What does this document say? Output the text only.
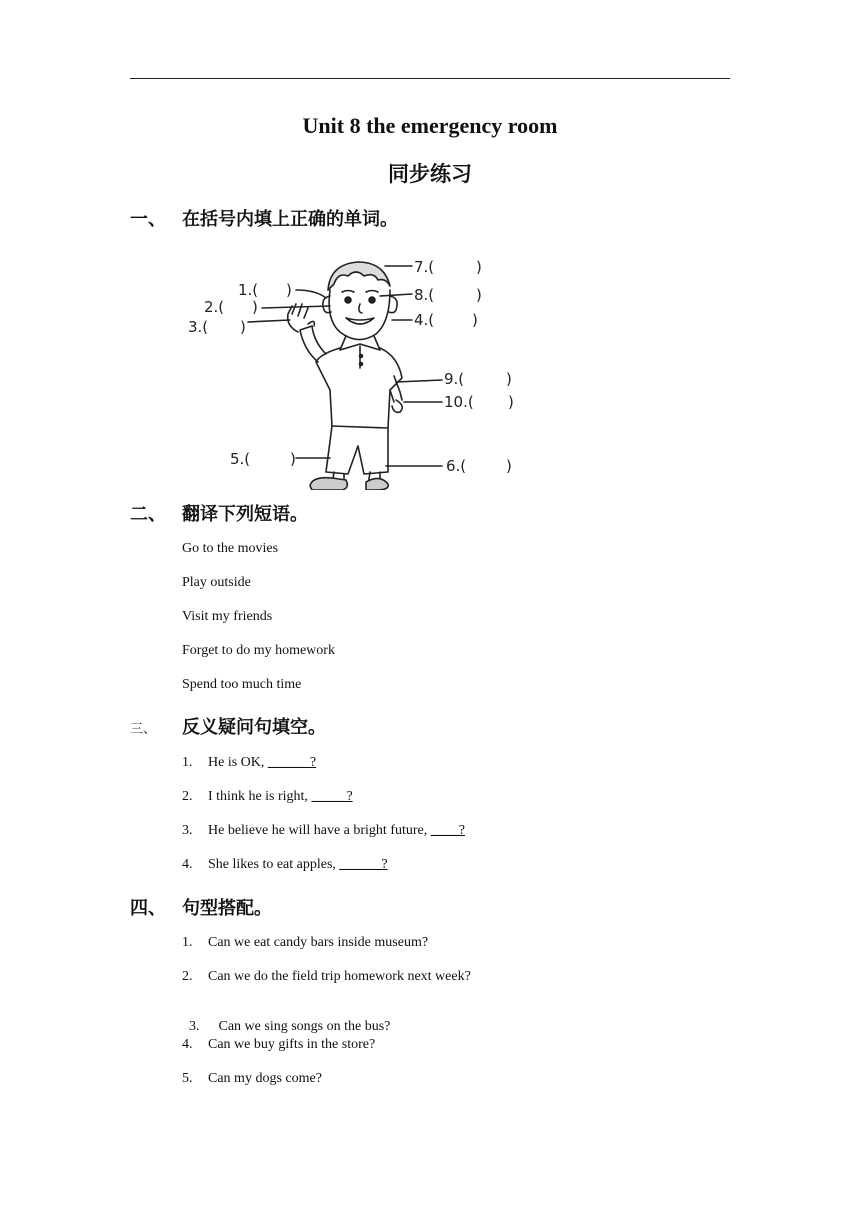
Unit 8 the emergency room
同步练习
一、 在括号内填上正确的单词。
1.( )
2.( )
3.( )	4.(	)
5.(	)	6.(	)
7.(	)
8.(	)
9.(	)
10.( )
二、 翻译下列短语。
Go to the movies
Play outside
Visit my friends
Forget to do my homework
Spend too much time
三、 反义疑问句填空。
1. He is OK, ______?
2. I think he is right, _____?
3. He believe he will have a bright future, ____?
4. She likes to eat apples, ______?
四、 句型搭配。
1. Can we eat candy bars inside museum?
2. Can we do the field trip homework next week?

3. Can we sing songs on the bus?

4. Can we buy gifts in the store?
5. Can my dogs come?
